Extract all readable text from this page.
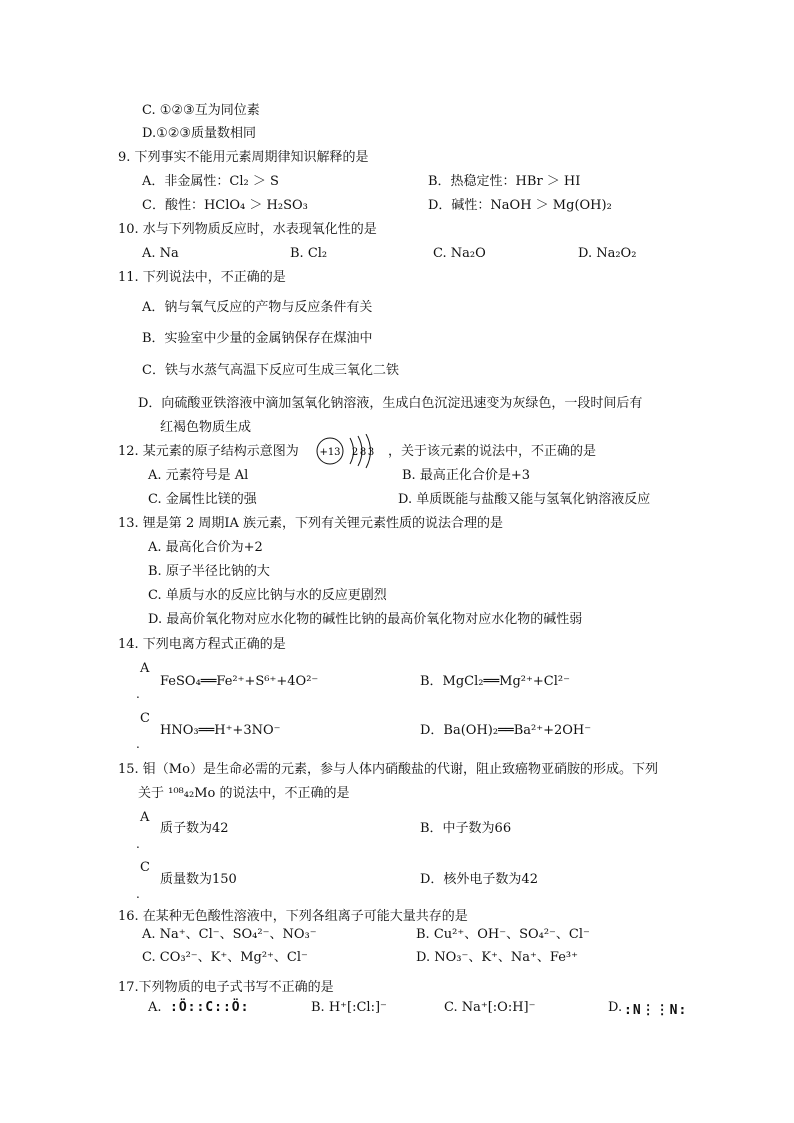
C. ①②③互为同位素
D.①②③质量数相同
9. 下列事实不能用元素周期律知识解释的是
A．非金属性：Cl₂ ＞ S	B．热稳定性：HBr ＞ HI
C．酸性：HClO₄ ＞ H₂SO₃	D．碱性：NaOH ＞ Mg(OH)₂
10. 水与下列物质反应时，水表现氧化性的是
A. Na	B. Cl₂	C. Na₂O	D. Na₂O₂
11. 下列说法中，不正确的是
A．钠与氧气反应的产物与反应条件有关
B．实验室中少量的金属钠保存在煤油中
C．铁与水蒸气高温下反应可生成三氧化二铁
D．向硫酸亚铁溶液中滴加氢氧化钠溶液，生成白色沉淀迅速变为灰绿色，一段时间后有
红褐色物质生成
12. 某元素的原子结构示意图为 +13 2 8 3 ，关于该元素的说法中，不正确的是
A. 元素符号是 Al	B. 最高正化合价是+3
C. 金属性比镁的强	D. 单质既能与盐酸又能与氢氧化钠溶液反应
13. 锂是第 2 周期ⅠA 族元素，下列有关锂元素性质的说法合理的是
A. 最高化合价为+2
B. 原子半径比钠的大
C. 单质与水的反应比钠与水的反应更剧烈
D. 最高价氧化物对应水化物的碱性比钠的最高价氧化物对应水化物的碱性弱
14. 下列电离方程式正确的是
A
.
FeSO₄══Fe²⁺+S⁶⁺+4O²⁻	B．MgCl₂══Mg²⁺+Cl²⁻
C
.
HNO₃══H⁺+3NO⁻	D．Ba(OH)₂══Ba²⁺+2OH⁻
15. 钼（Mo）是生命必需的元素，参与人体内硝酸盐的代谢，阻止致癌物亚硝胺的形成。下列
关于 ¹⁰⁸₄₂Mo 的说法中，不正确的是
A
.
质子数为42	B．中子数为66
C
.
质量数为150	D．核外电子数为42
16. 在某种无色酸性溶液中，下列各组离子可能大量共存的是
A. Na⁺、Cl⁻、SO₄²⁻、NO₃⁻	B. Cu²⁺、OH⁻、SO₄²⁻、Cl⁻
C. CO₃²⁻、K⁺、Mg²⁺、Cl⁻	D. NO₃⁻、K⁺、Na⁺、Fe³⁺
17.下列物质的电子式书写不正确的是
A. :Ö::C::Ö:	B. H⁺[:Cl:]⁻	C. Na⁺[:O:H]⁻	D. :N⋮⋮N:
